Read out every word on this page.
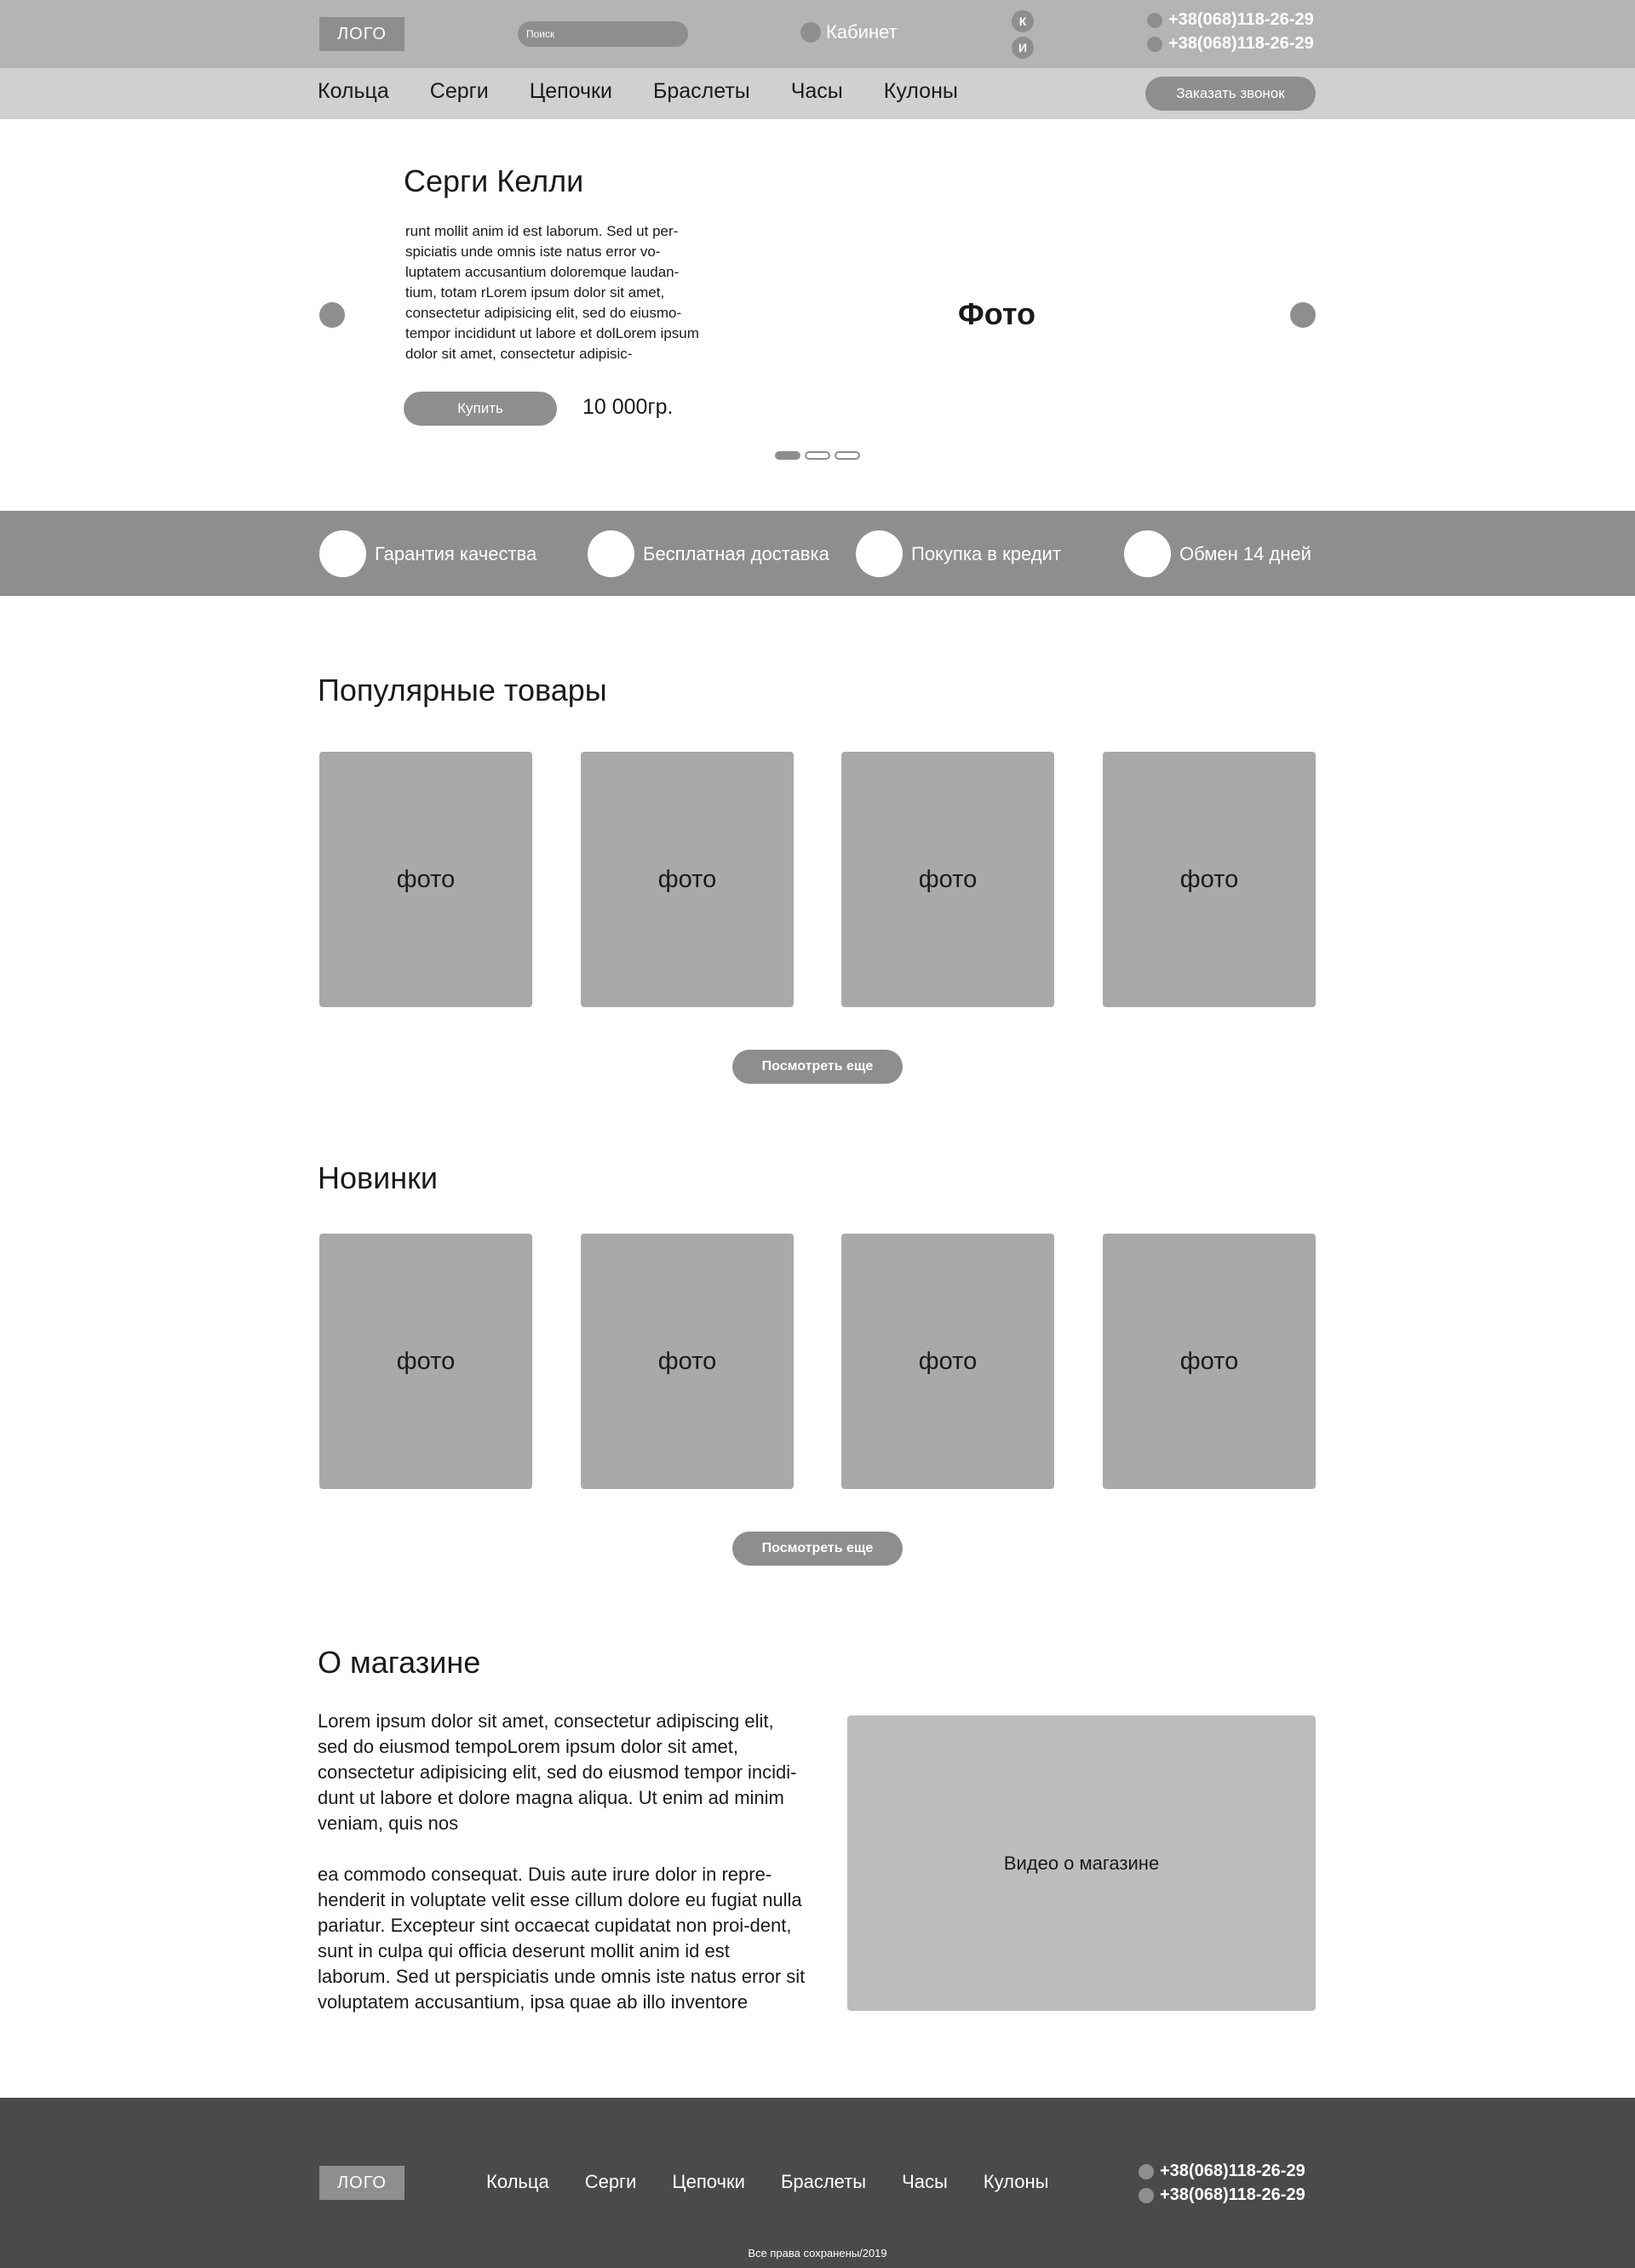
ЛОГО
Поиск	Кабинет	К
И
+38(068)118-26-29
+38(068)118-26-29
Кольца Серги Цепочки Браслеты Часы Кулоны	Заказать звонок
Серги Келли

runt mollit anim id est laborum. Sed ut per-spiciatis unde omnis iste natus error vo-luptatem accusantium doloremque laudan-tium, totam rLorem ipsum dolor sit amet, consectetur adipisicing elit, sed do eiusmo-tempor incididunt ut labore et dolLorem ipsum dolor sit amet, consectetur adipisic-

Купить	10 000гр.
Фото
Гарантия качества	Бесплатная доставка	Покупка в кредит	Обмен 14 дней
Популярные товары
фото	фото	фото	фото
Посмотреть еще
Новинки
фото	фото	фото	фото
Посмотреть еще
О магазине

Lorem ipsum dolor sit amet, consectetur adipiscing elit, sed do eiusmod tempoLorem ipsum dolor sit amet, consectetur adipisicing elit, sed do eiusmod tempor incidi-dunt ut labore et dolore magna aliqua. Ut enim ad minim veniam, quis nos

ea commodo consequat. Duis aute irure dolor in repre-henderit in voluptate velit esse cillum dolore eu fugiat nulla pariatur. Excepteur sint occaecat cupidatat non proi-dent, sunt in culpa qui officia deserunt mollit anim id est laborum. Sed ut perspiciatis unde omnis iste natus error sit voluptatem accusantium, ipsa quae ab illo inventore

Видео о магазине
ЛОГО	Кольца Серги Цепочки Браслеты Часы Кулоны	+38(068)118-26-29
+38(068)118-26-29
Все права сохранены/2019
